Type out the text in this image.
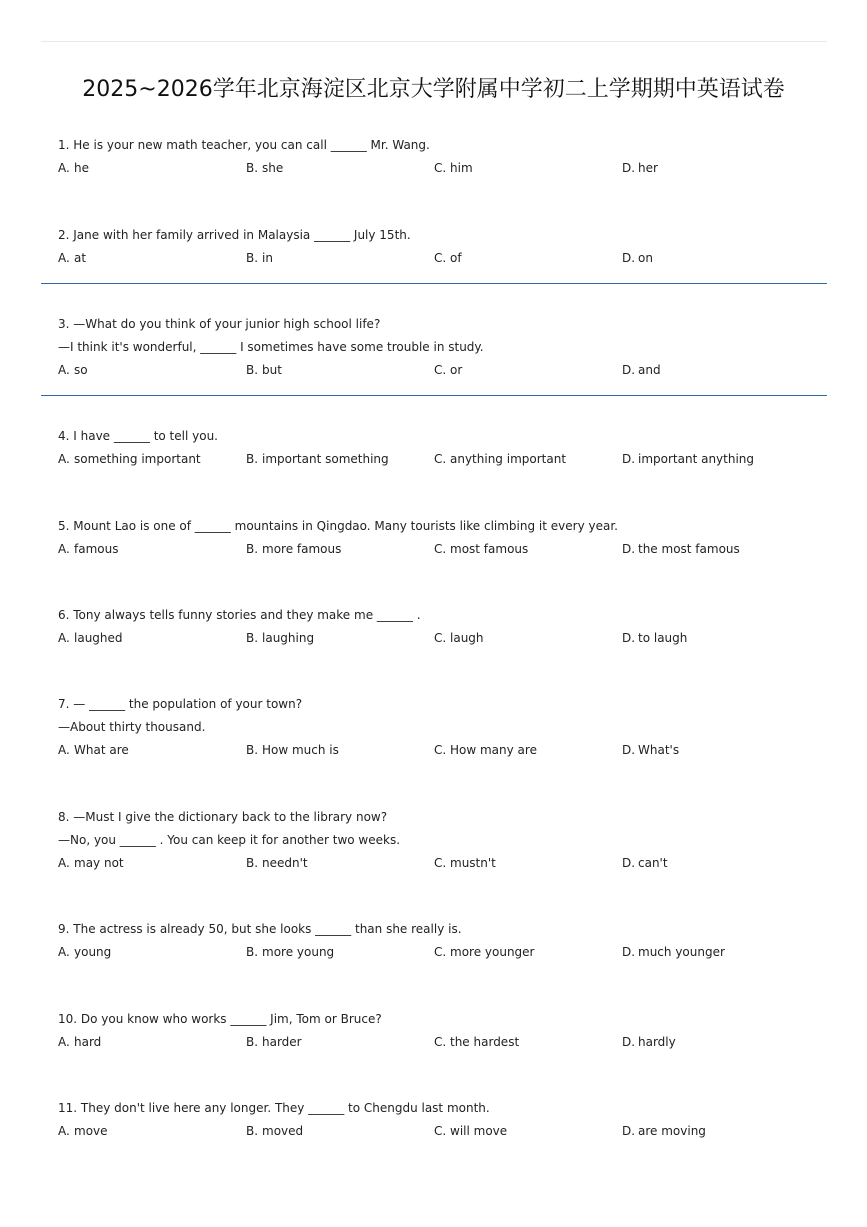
2025~2026学年北京海淀区北京大学附属中学初二上学期期中英语试卷
1. He is your new math teacher, you can call ______ Mr. Wang.
A. he	B. she	C. him	D. her
2. Jane with her family arrived in Malaysia ______ July 15th.
A. at	B. in	C. of	D. on
3. —What do you think of your junior high school life?
—I think it's wonderful, ______ I sometimes have some trouble in study.
A. so	B. but	C. or	D. and
4. I have ______ to tell you.
A. something important	B. important something	C. anything important	D. important anything
5. Mount Lao is one of ______ mountains in Qingdao. Many tourists like climbing it every year.
A. famous	B. more famous	C. most famous	D. the most famous
6. Tony always tells funny stories and they make me ______ .
A. laughed	B. laughing	C. laugh	D. to laugh
7. — ______ the population of your town?
—About thirty thousand.
A. What are	B. How much is	C. How many are	D. What's
8. —Must I give the dictionary back to the library now?
—No, you ______ . You can keep it for another two weeks.
A. may not	B. needn't	C. mustn't	D. can't
9. The actress is already 50, but she looks ______ than she really is.
A. young	B. more young	C. more younger	D. much younger
10. Do you know who works ______ Jim, Tom or Bruce?
A. hard	B. harder	C. the hardest	D. hardly
11. They don't live here any longer. They ______ to Chengdu last month.
A. move	B. moved	C. will move	D. are moving
